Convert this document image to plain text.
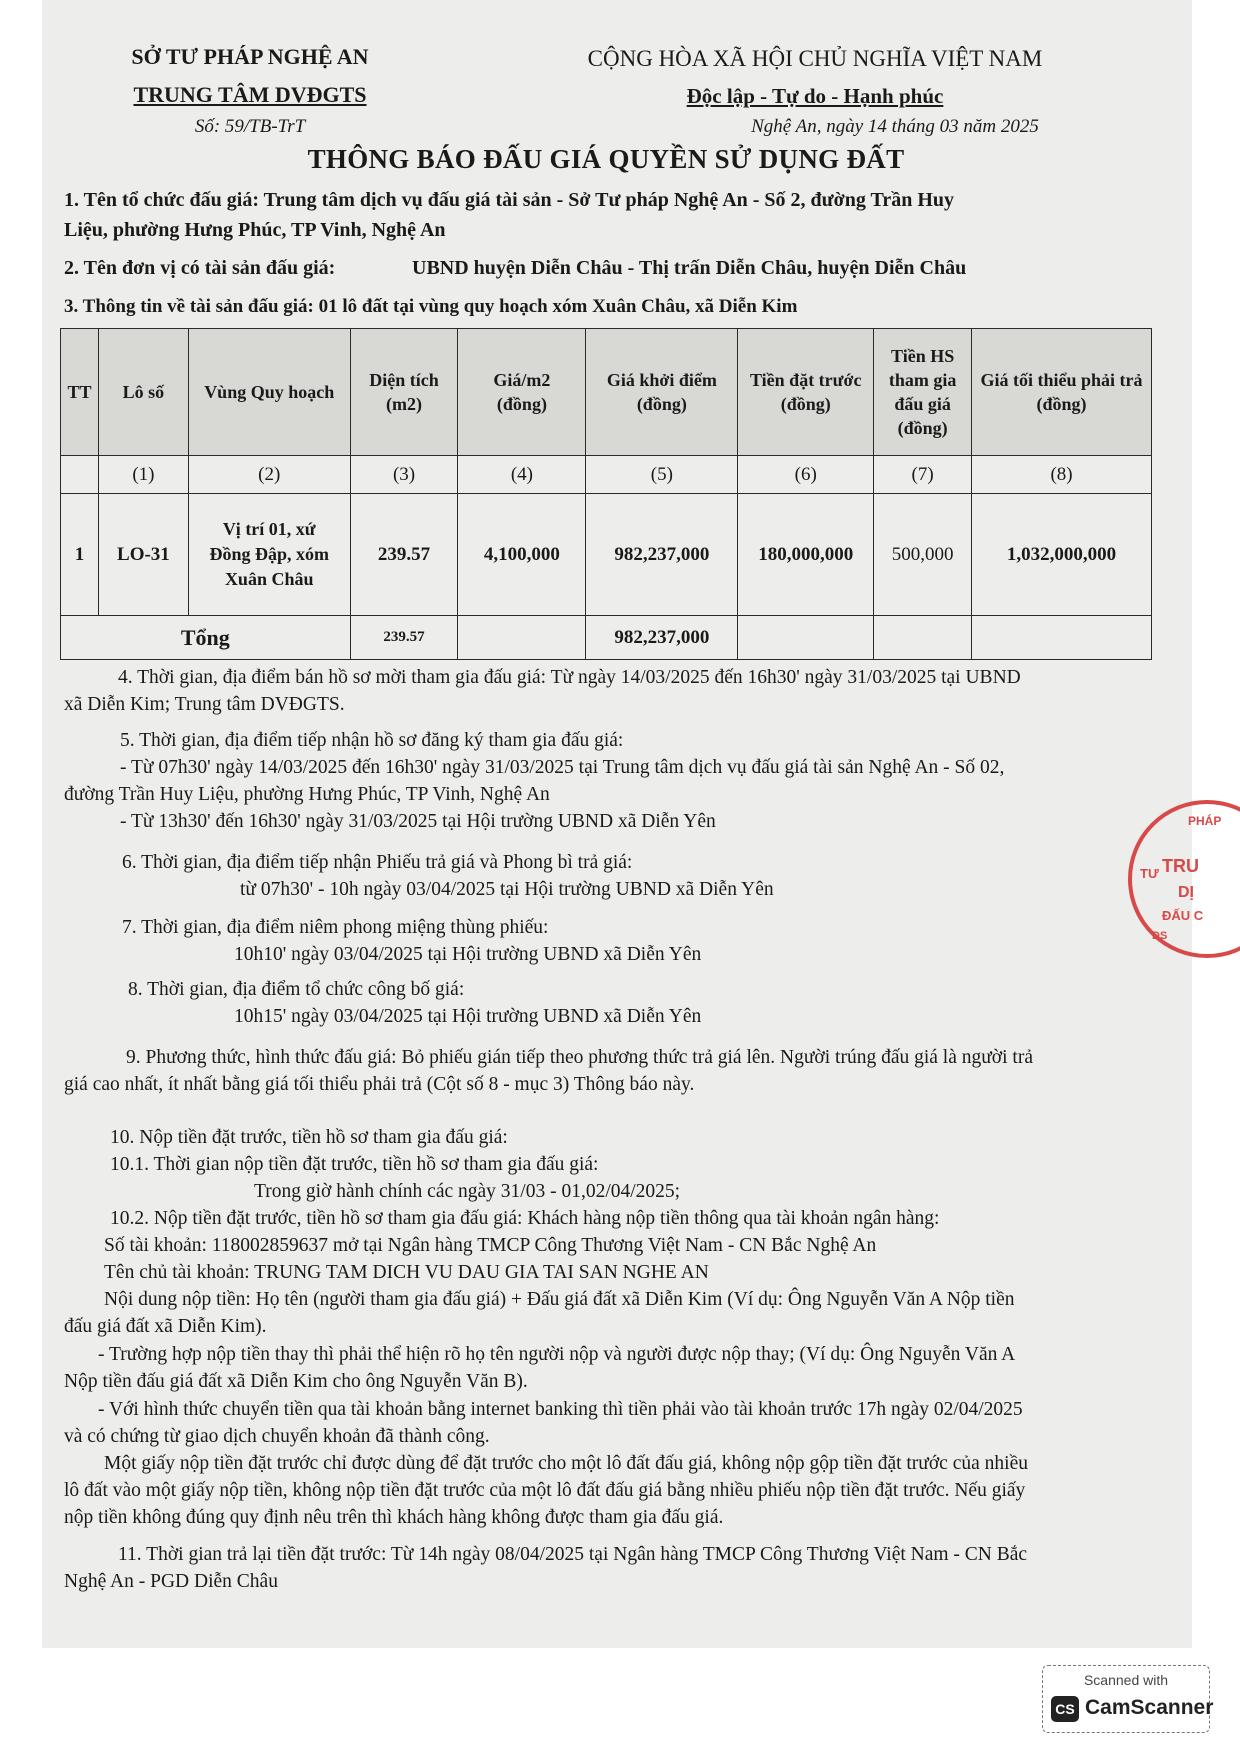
SỞ TƯ PHÁP NGHỆ AN
TRUNG TÂM DVĐGTS
Số: 59/TB-TrT
CỘNG HÒA XÃ HỘI CHỦ NGHĨA VIỆT NAM
Độc lập - Tự do - Hạnh phúc
Nghệ An, ngày 14 tháng 03 năm 2025
THÔNG BÁO ĐẤU GIÁ QUYỀN SỬ DỤNG ĐẤT
1. Tên tổ chức đấu giá: Trung tâm dịch vụ đấu giá tài sản - Sở Tư pháp Nghệ An - Số 2, đường Trần Huy
Liệu, phường Hưng Phúc, TP Vinh, Nghệ An
2. Tên đơn vị có tài sản đấu giá:	UBND huyện Diễn Châu - Thị trấn Diễn Châu, huyện Diễn Châu
3. Thông tin về tài sản đấu giá: 01 lô đất tại vùng quy hoạch xóm Xuân Châu, xã Diễn Kim
TT	Lô số	Vùng Quy hoạch	Diện tích (m2)	Giá/m2 (đồng)	Giá khởi điểm (đồng)	Tiền đặt trước (đồng)	Tiền HS tham gia đấu giá (đồng)	Giá tối thiểu phải trả (đồng)
	(1)	(2)	(3)	(4)	(5)	(6)	(7)	(8)
1	LO-31	Vị trí 01, xứ
Đồng Đập, xóm
Xuân Châu	239.57	4,100,000	982,237,000	180,000,000	500,000	1,032,000,000
Tổng			239.57		982,237,000			
4. Thời gian, địa điểm bán hồ sơ mời tham gia đấu giá: Từ ngày 14/03/2025 đến 16h30' ngày 31/03/2025 tại UBND
xã Diễn Kim; Trung tâm DVĐGTS.
5. Thời gian, địa điểm tiếp nhận hồ sơ đăng ký tham gia đấu giá:
- Từ 07h30' ngày 14/03/2025 đến 16h30' ngày 31/03/2025 tại Trung tâm dịch vụ đấu giá tài sản Nghệ An - Số 02,
đường Trần Huy Liệu, phường Hưng Phúc, TP Vinh, Nghệ An
- Từ 13h30' đến 16h30' ngày 31/03/2025 tại Hội trường UBND xã Diễn Yên
6. Thời gian, địa điểm tiếp nhận Phiếu trả giá và Phong bì trả giá:
từ 07h30' - 10h ngày 03/04/2025 tại Hội trường UBND xã Diễn Yên
7. Thời gian, địa điểm niêm phong miệng thùng phiếu:
10h10' ngày 03/04/2025 tại Hội trường UBND xã Diễn Yên
8. Thời gian, địa điểm tổ chức công bố giá:
10h15' ngày 03/04/2025 tại Hội trường UBND xã Diễn Yên
9. Phương thức, hình thức đấu giá: Bỏ phiếu gián tiếp theo phương thức trả giá lên. Người trúng đấu giá là người trả
giá cao nhất, ít nhất bằng giá tối thiểu phải trả (Cột số 8 - mục 3) Thông báo này.
10. Nộp tiền đặt trước, tiền hồ sơ tham gia đấu giá:
10.1. Thời gian nộp tiền đặt trước, tiền hồ sơ tham gia đấu giá:
Trong giờ hành chính các ngày 31/03 - 01,02/04/2025;
10.2. Nộp tiền đặt trước, tiền hồ sơ tham gia đấu giá: Khách hàng nộp tiền thông qua tài khoản ngân hàng:
Số tài khoản: 118002859637 mở tại Ngân hàng TMCP Công Thương Việt Nam - CN Bắc Nghệ An
Tên chủ tài khoản: TRUNG TAM DICH VU DAU GIA TAI SAN NGHE AN
Nội dung nộp tiền: Họ tên (người tham gia đấu giá) + Đấu giá đất xã Diễn Kim (Ví dụ: Ông Nguyễn Văn A Nộp tiền
đấu giá đất xã Diễn Kim).
- Trường hợp nộp tiền thay thì phải thể hiện rõ họ tên người nộp và người được nộp thay; (Ví dụ: Ông Nguyễn Văn A
Nộp tiền đấu giá đất xã Diễn Kim cho ông Nguyễn Văn B).
- Với hình thức chuyển tiền qua tài khoản bằng internet banking thì tiền phải vào tài khoản trước 17h ngày 02/04/2025
và có chứng từ giao dịch chuyển khoản đã thành công.
Một giấy nộp tiền đặt trước chỉ được dùng để đặt trước cho một lô đất đấu giá, không nộp gộp tiền đặt trước của nhiều
lô đất vào một giấy nộp tiền, không nộp tiền đặt trước của một lô đất đấu giá bằng nhiều phiếu nộp tiền đặt trước. Nếu giấy
nộp tiền không đúng quy định nêu trên thì khách hàng không được tham gia đấu giá.
11. Thời gian trả lại tiền đặt trước: Từ 14h ngày 08/04/2025 tại Ngân hàng TMCP Công Thương Việt Nam - CN Bắc
Nghệ An - PGD Diễn Châu
PHÁP
TRU
DỊ
ĐẤU C
TƯ
DS
Scanned with
CS CamScanner
